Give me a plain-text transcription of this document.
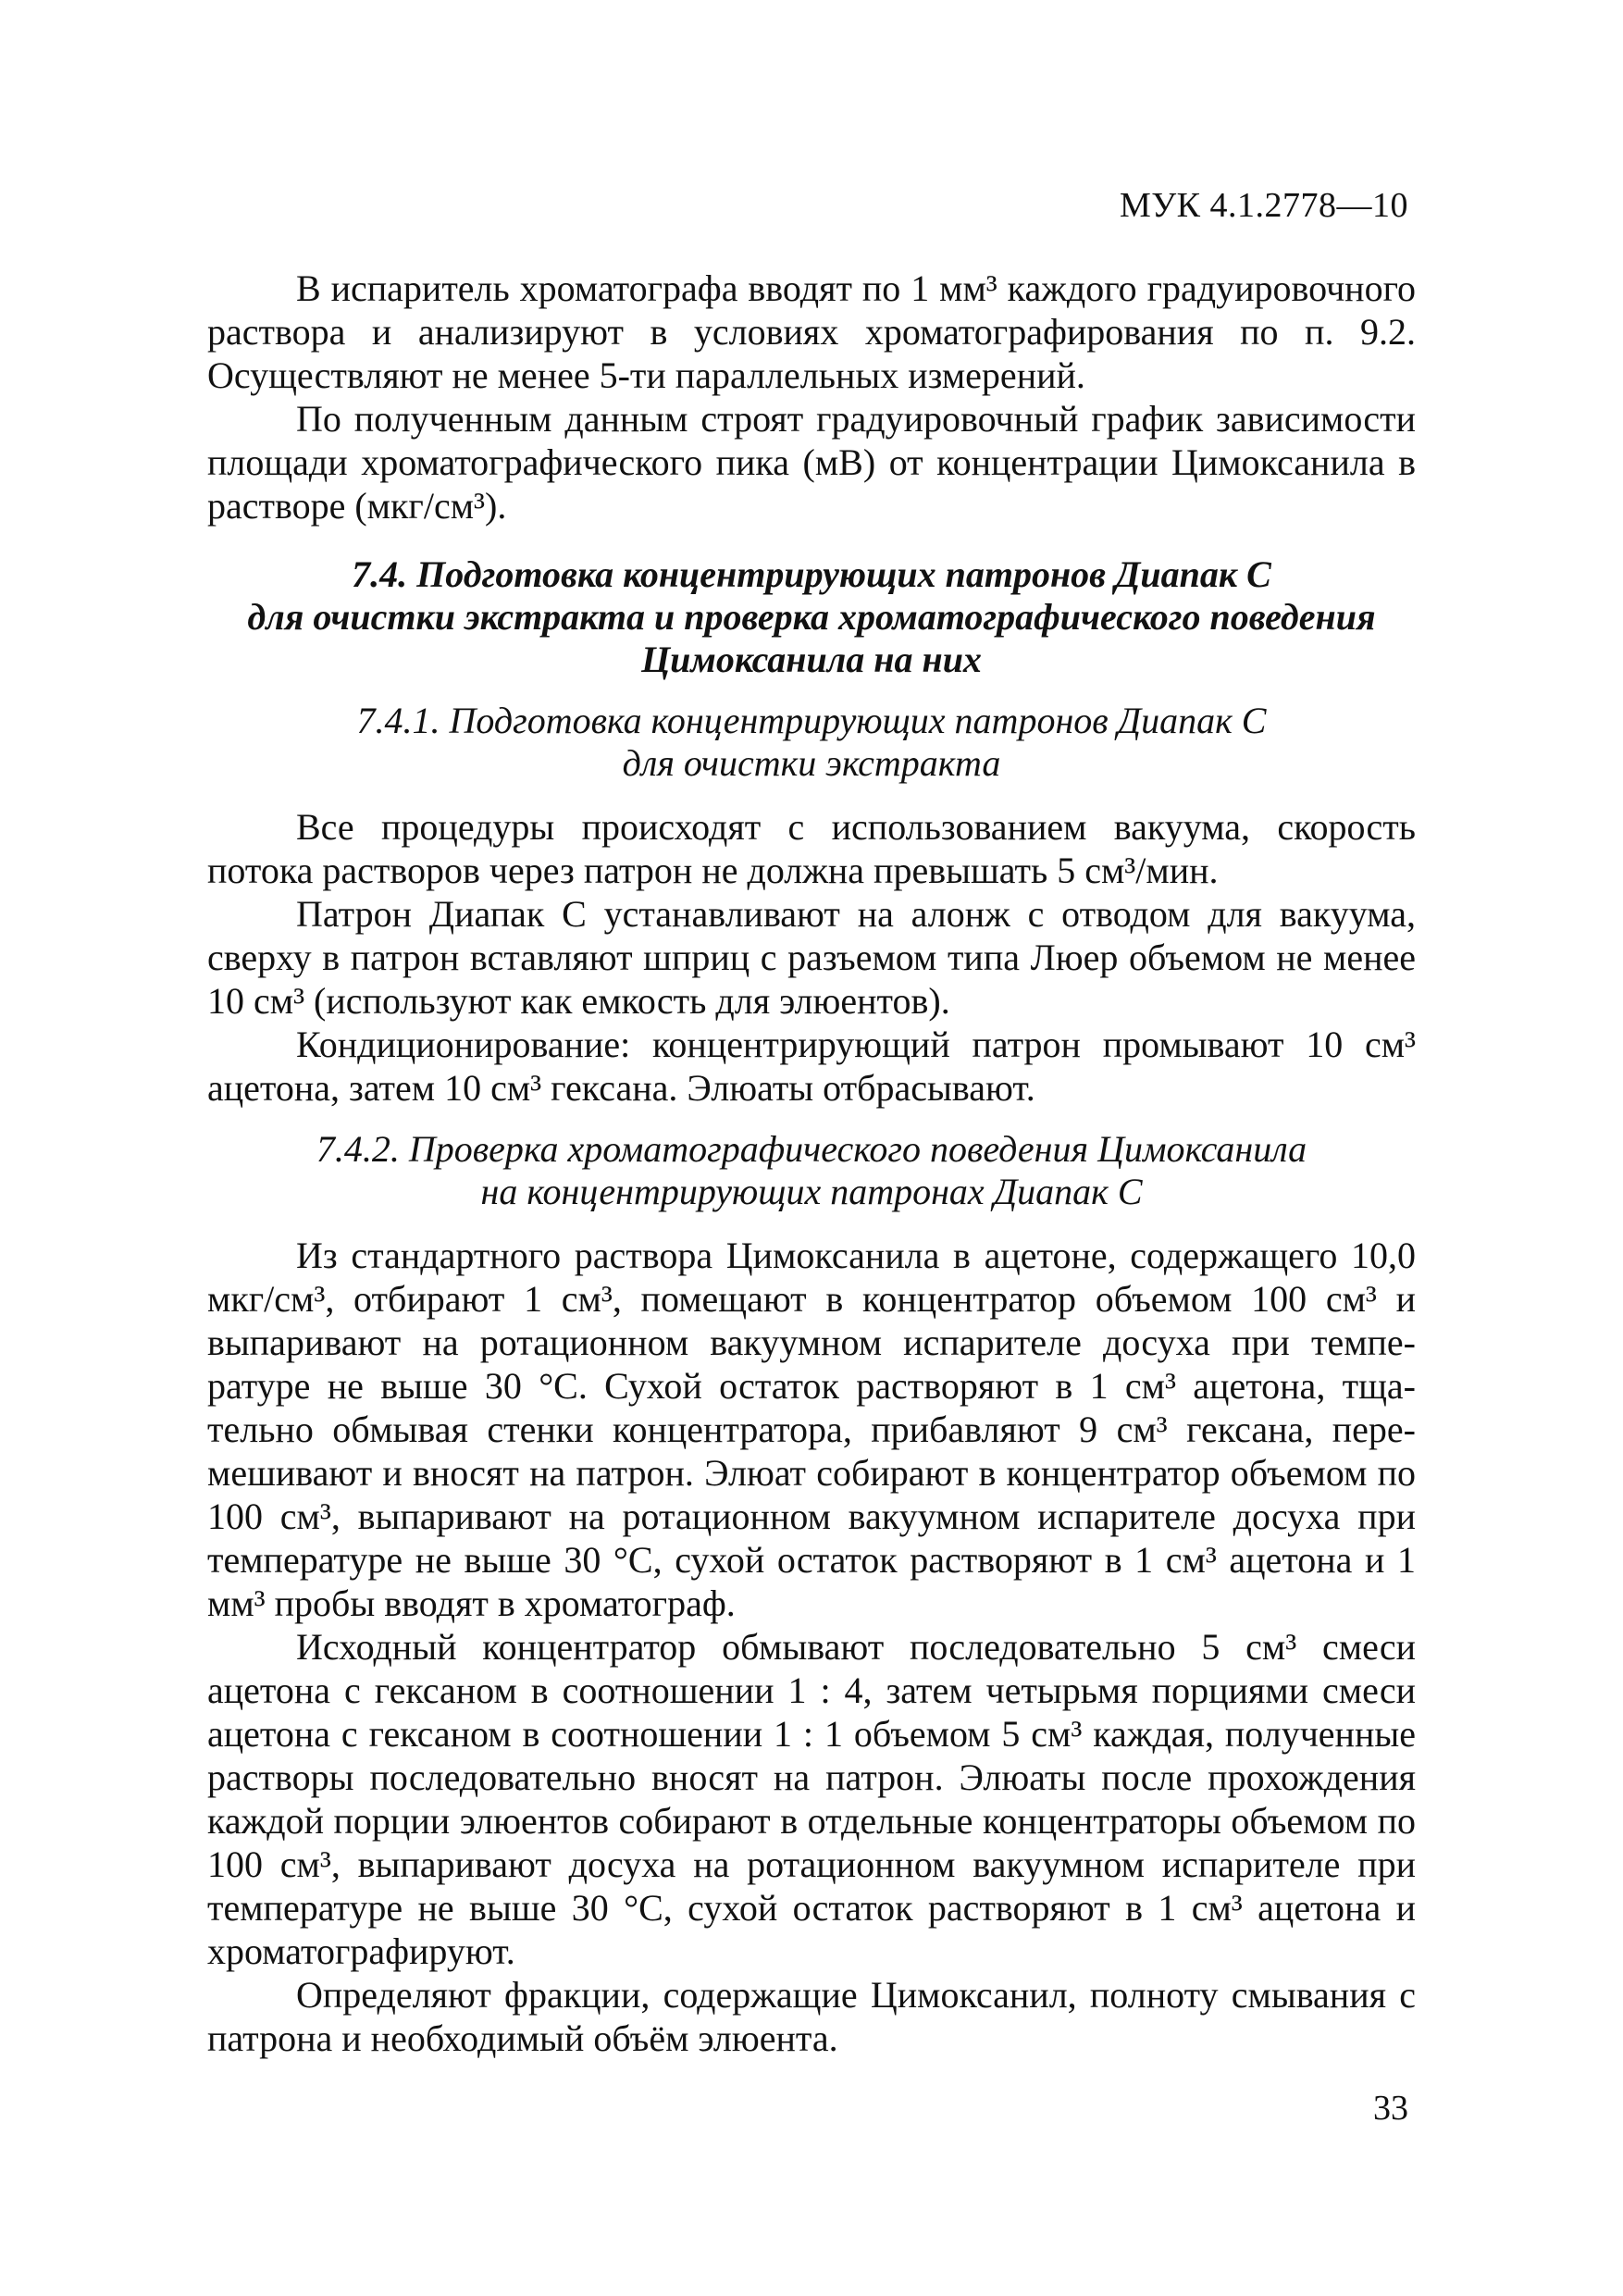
МУК 4.1.2778—10

В испаритель хроматографа вводят по 1 мм³ каждого градуировочного раствора и анализируют в условиях хроматографирования по п. 9.2. Осуществляют не менее 5-ти параллельных измерений.

По полученным данным строят градуировочный график зависимости площади хроматографического пика (мВ) от концентрации Цимоксанила в растворе (мкг/см³).

7.4. Подготовка концентрирующих патронов Диапак С
для очистки экстракта и проверка хроматографического поведения
Цимоксанила на них
7.4.1. Подготовка концентрирующих патронов Диапак С
для очистки экстракта

Все процедуры происходят с использованием вакуума, скорость потока растворов через патрон не должна превышать 5 см³/мин.

Патрон Диапак С устанавливают на алонж с отводом для вакуума, сверху в патрон вставляют шприц с разъемом типа Люер объемом не менее 10 см³ (используют как емкость для элюентов).

Кондиционирование: концентрирующий патрон промывают 10 см³ ацетона, затем 10 см³ гексана. Элюаты отбрасывают.

7.4.2. Проверка хроматографического поведения Цимоксанила
на концентрирующих патронах Диапак С

Из стандартного раствора Цимоксанила в ацетоне, содержащего 10,0 мкг/см³, отбирают 1 см³, помещают в концентратор объемом 100 см³ и выпаривают на ротационном вакуумном испарителе досуха при температуре не выше 30 °С. Сухой остаток растворяют в 1 см³ ацетона, тщательно обмывая стенки концентратора, прибавляют 9 см³ гексана, перемешивают и вносят на патрон. Элюат собирают в концентратор объемом по 100 см³, выпаривают на ротационном вакуумном испарителе досуха при температуре не выше 30 °С, сухой остаток растворяют в 1 см³ ацетона и 1 мм³ пробы вводят в хроматограф.

Исходный концентратор обмывают последовательно 5 см³ смеси ацетона с гексаном в соотношении 1 : 4, затем четырьмя порциями смеси ацетона с гексаном в соотношении 1 : 1 объемом 5 см³ каждая, полученные растворы последовательно вносят на патрон. Элюаты после прохождения каждой порции элюентов собирают в отдельные концентраторы объемом по 100 см³, выпаривают досуха на ротационном вакуумном испарителе при температуре не выше 30 °С, сухой остаток растворяют в 1 см³ ацетона и хроматографируют.

Определяют фракции, содержащие Цимоксанил, полноту смывания с патрона и необходимый объём элюента.

33
